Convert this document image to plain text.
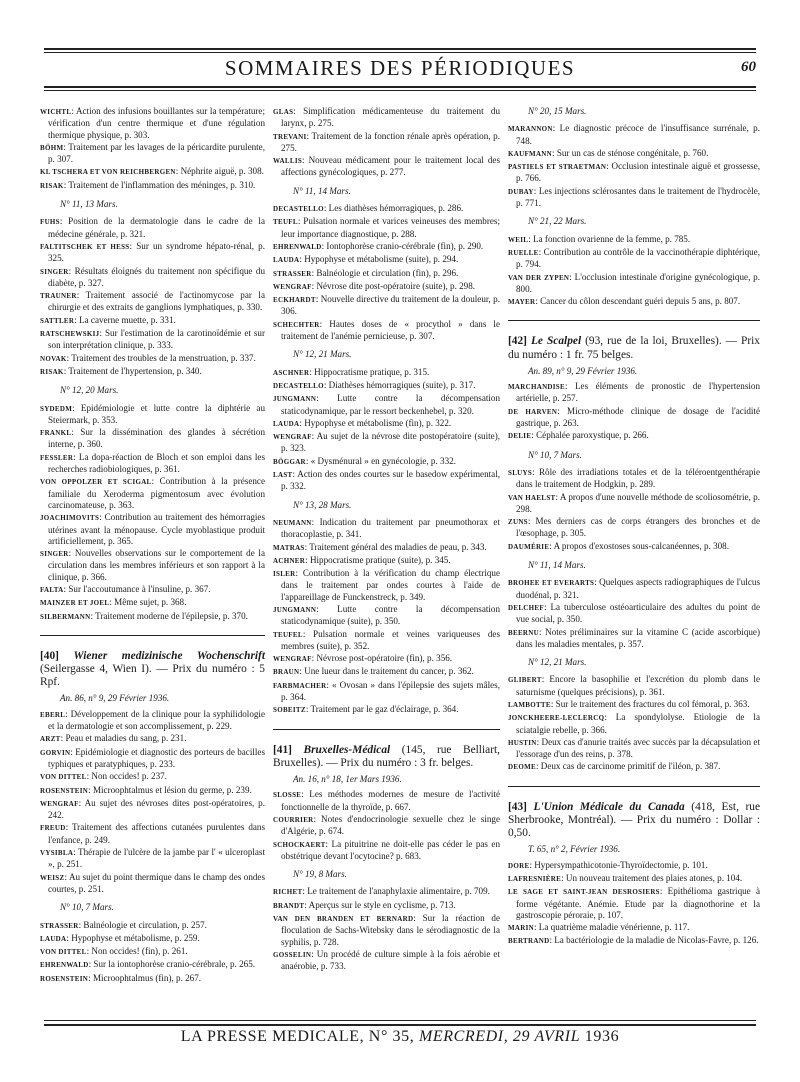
SOMMAIRES DES PÉRIODIQUES	60
WICHTL: Action des infusions bouillantes sur la température; vérification d'un centre thermique et d'une régulation thermique physique, p. 303.
BÖHM: Traitement par les lavages de la péricardite purulente, p. 307.
KL TSCHERA ET VON REICHBERGEN: Néphrite aiguë, p. 308.
RISAK: Traitement de l'inflammation des méninges, p. 310.
N° 11, 13 Mars.
FUHS: Position de la dermatologie dans le cadre de la médecine générale, p. 321.
FALTITSCHEK ET HESS: Sur un syndrome hépato-rénal, p. 325.
SINGER: Résultats éloignés du traitement non spécifique du diabète, p. 327.
TRAUNER: Traitement associé de l'actinomycose par la chirurgie et des extraits de ganglions lymphatiques, p. 330.
SATTLER: La caverne muette, p. 331.
RATSCHEWSKIJ: Sur l'estimation de la carotinoïdémie et sur son interprétation clinique, p. 333.
NOVAK: Traitement des troubles de la menstruation, p. 337.
RISAK: Traitement de l'hypertension, p. 340.
N° 12, 20 Mars.
SYDEDM: Epidémiologie et lutte contre la diphtérie au Steiermark, p. 353.
FRANKL: Sur la dissémination des glandes à sécrétion interne, p. 360.
FESSLER: La dopa-réaction de Bloch et son emploi dans les recherches radiobiologiques, p. 361.
VON OPPOLZER ET SCIGAL: Contribution à la présence familiale du Xeroderma pigmentosum avec évolution carcinomateuse, p. 363.
JOACHIMOVITS: Contribution au traitement des hémorragies utérines avant la ménopause. Cycle myoblastique produit artificiellement, p. 365.
SINGER: Nouvelles observations sur le comportement de la circulation dans les membres inférieurs et son rapport à la clinique, p. 366.
FALTA: Sur l'accoutumance à l'insuline, p. 367.
MAINZER ET JOEL: Même sujet, p. 368.
SILBERMANN: Traitement moderne de l'épilepsie, p. 370.
[40] Wiener medizinische Wochenschrift (Seilergasse 4, Wien I). — Prix du numéro : 5 Rpf.
An. 86, n° 9, 29 Février 1936.
EBERL: Développement de la clinique pour la syphilidologie et la dermatologie et son accomplissement, p. 229.
ARZT: Peau et maladies du sang, p. 231.
GORVIN: Epidémiologie et diagnostic des porteurs de bacilles typhiques et paratyphiques, p. 233.
VON DITTEL: Non occides! p. 237.
ROSENSTEIN: Microophtalmus et lésion du germe, p. 239.
WENGRAF: Au sujet des névroses dites post-opératoires, p. 242.
FREUD: Traitement des affections cutanées purulentes dans l'enfance, p. 249.
VYSIBLA: Thérapie de l'ulcère de la jambe par l' « ulceroplast », p. 251.
WEISZ: Au sujet du point thermique dans le champ des ondes courtes, p. 251.
N° 10, 7 Mars.
STRASSER: Balnéologie et circulation, p. 257.
LAUDA: Hypophyse et métabolisme, p. 259.
VON DITTEL: Non occides! (fin), p. 261.
EHRENWALD: Sur la iontophorèse cranio-cérébrale, p. 265.
ROSENSTEIN: Microophtalmus (fin), p. 267.
GLAS: Simplification médicamenteuse du traitement du larynx, p. 275.
TREVANI: Traitement de la fonction rénale après opération, p. 275.
WALLIS: Nouveau médicament pour le traitement local des affections gynécologiques, p. 277.
N° 11, 14 Mars.
DECASTELLO: Les diathèses hémorragiques, p. 286.
TEUFL: Pulsation normale et varices veineuses des membres; leur importance diagnostique, p. 288.
EHRENWALD: Iontophorèse cranio-cérébrale (fin), p. 290.
LAUDA: Hypophyse et métabolisme (suite), p. 294.
STRASSER: Balnéologie et circulation (fin), p. 296.
WENGRAF: Névrose dite post-opératoire (suite), p. 298.
ECKHARDT: Nouvelle directive du traitement de la douleur, p. 306.
SCHECHTER: Hautes doses de « procythol » dans le traitement de l'anémie pernicieuse, p. 307.
N° 12, 21 Mars.
ASCHNER: Hippocratisme pratique, p. 315.
DECASTELLO: Diathèses hémorragiques (suite), p. 317.
JUNGMANN: Lutte contre la décompensation staticodynamique, par le ressort beckenhebel, p. 320.
LAUDA: Hypophyse et métabolisme (fin), p. 322.
WENGRAF: Au sujet de la névrose dite postopératoire (suite), p. 323.
BÖGGAR: « Dysménural » en gynécologie, p. 332.
LAST: Action des ondes courtes sur le basedow expérimental, p. 332.
N° 13, 28 Mars.
NEUMANN: Indication du traitement par pneumothorax et thoracoplastie, p. 341.
MATRAS: Traitement général des maladies de peau, p. 343.
ACHNER: Hippocratisme pratique (suite), p. 345.
ISLER: Contribution à la vérification du champ électrique dans le traitement par ondes courtes à l'aide de l'appareillage de Funckenstreck, p. 349.
JUNGMANN: Lutte contre la décompensation staticodynamique (suite), p. 350.
TEUFEL: Pulsation normale et veines variqueuses des membres (suite), p. 352.
WENGRAF: Névrose post-opératoire (fin), p. 356.
BRAUN: Une lueur dans le traitement du cancer, p. 362.
FARBMACHER: « Ovosan » dans l'épilepsie des sujets mâles, p. 364.
SOBEITZ: Traitement par le gaz d'éclairage, p. 364.
[41] Bruxelles-Médical (145, rue Belliart, Bruxelles). — Prix du numéro : 3 fr. belges.
An. 16, n° 18, 1er Mars 1936.
SLOSSE: Les méthodes modernes de mesure de l'activité fonctionnelle de la thyroïde, p. 667.
COURRIER: Notes d'endocrinologie sexuelle chez le singe d'Algérie, p. 674.
SCHOCKAERT: La pituitrine ne doit-elle pas céder le pas en obstétrique devant l'ocytocine? p. 683.
N° 19, 8 Mars.
RICHET: Le traitement de l'anaphylaxie alimentaire, p. 709.
BRANDT: Aperçus sur le style en cyclisme, p. 713.
VAN DEN BRANDEN ET BERNARD: Sur la réaction de floculation de Sachs-Witebsky dans le sérodiagnostic de la syphilis, p. 728.
GOSSELIN: Un procédé de culture simple à la fois aérobie et anaérobie, p. 733.
N° 20, 15 Mars.
MARANNON: Le diagnostic précoce de l'insuffisance surrénale, p. 748.
KAUFMANN: Sur un cas de sténose congénitale, p. 760.
PASTIELS ET STRAETMAN: Occlusion intestinale aiguë et grossesse, p. 766.
DUBAY: Les injections sclérosantes dans le traitement de l'hydrocèle, p. 771.
N° 21, 22 Mars.
WEIL: La fonction ovarienne de la femme, p. 785.
RUELLE: Contribution au contrôle de la vaccinothérapie diphtérique, p. 794.
VAN DER ZYPEN: L'occlusion intestinale d'origine gynécologique, p. 800.
MAYER: Cancer du côlon descendant guéri depuis 5 ans, p. 807.
[42] Le Scalpel (93, rue de la loi, Bruxelles). — Prix du numéro : 1 fr. 75 belges.
An. 89, n° 9, 29 Février 1936.
MARCHANDISE: Les éléments de pronostic de l'hypertension artérielle, p. 257.
DE HARVEN: Micro-méthode clinique de dosage de l'acidité gastrique, p. 263.
DELIE: Céphalée paroxystique, p. 266.
N° 10, 7 Mars.
SLUYS: Rôle des irradiations totales et de la téléroentgenthérapie dans le traitement de Hodgkin, p. 289.
VAN HAELST: A propos d'une nouvelle méthode de scoliosométrie, p. 298.
ZUNS: Mes derniers cas de corps étrangers des bronches et de l'œsophage, p. 305.
DAUMÉRIE: A propos d'exostoses sous-calcanéennes, p. 308.
N° 11, 14 Mars.
BROHEE ET EVERARTS: Quelques aspects radiographiques de l'ulcus duodénal, p. 321.
DELCHEF: La tuberculose ostéoarticulaire des adultes du point de vue social, p. 350.
BEERNU: Notes préliminaires sur la vitamine C (acide ascorbique) dans les maladies mentales, p. 357.
N° 12, 21 Mars.
GLIBERT: Encore la basophilie et l'excrétion du plomb dans le saturnisme (quelques précisions), p. 361.
LAMBOTTE: Sur le traitement des fractures du col fémoral, p. 363.
JONCKHEERE-LECLERCQ: La spondylolyse. Etiologie de la sciatalgie rebelle, p. 366.
HUSTIN: Deux cas d'anurie traités avec succès par la décapsulation et l'essorage d'un des reins, p. 378.
DEOME: Deux cas de carcinome primitif de l'iléon, p. 387.
[43] L'Union Médicale du Canada (418, Est, rue Sherbrooke, Montréal). — Prix du numéro : Dollar : 0,50.
T. 65, n° 2, Février 1936.
DORE: Hypersympathicotonie-Thyroïdectomie, p. 101.
LAFRESNIÈRE: Un nouveau traitement des plaies atones, p. 104.
LE SAGE ET SAINT-JEAN DESROSIERS: Epithélioma gastrique à forme végétante. Anémie. Etude par la diagnothorine et la gastroscopie péroraie, p. 107.
MARIN: La quatrième maladie vénérienne, p. 117.
BERTRAND: La bactériologie de la maladie de Nicolas-Favre, p. 126.
LA PRESSE MEDICALE, N° 35, MERCREDI, 29 AVRIL 1936
